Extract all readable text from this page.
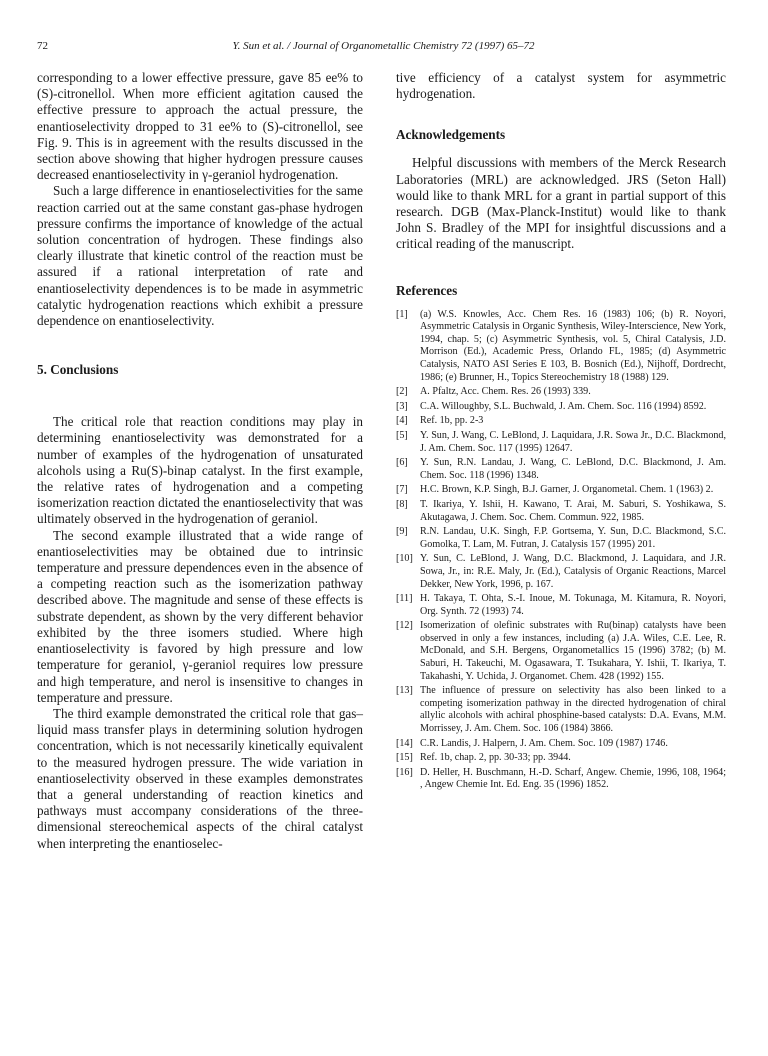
72	Y. Sun et al. / Journal of Organometallic Chemistry 72 (1997) 65–72

corresponding to a lower effective pressure, gave 85 ee% to (S)-citronellol. When more efficient agitation caused the effective pressure to approach the actual pressure, the enantioselectivity dropped to 31 ee% to (S)-citronellol, see Fig. 9. This is in agreement with the results discussed in the section above showing that higher hydrogen pressure causes decreased enantioselectivity in γ-geraniol hydrogenation.

Such a large difference in enantioselectivities for the same reaction carried out at the same constant gas-phase hydrogen pressure confirms the importance of knowledge of the actual solution concentration of hydrogen. These findings also clearly illustrate that kinetic control of the reaction must be assured if a rational interpretation of rate and enantioselectivity dependences is to be made in asymmetric catalytic hydrogenation reactions which exhibit a pressure dependence on enantioselectivity.

5. Conclusions

The critical role that reaction conditions may play in determining enantioselectivity was demonstrated for a number of examples of the hydrogenation of unsaturated alcohols using a Ru(S)-binap catalyst. In the first example, the relative rates of hydrogenation and a competing isomerization reaction dictated the enantioselectivity that was ultimately observed in the hydrogenation of geraniol.

The second example illustrated that a wide range of enantioselectivities may be obtained due to intrinsic temperature and pressure dependences even in the absence of a competing reaction such as the isomerization pathway described above. The magnitude and sense of these effects is substrate dependent, as shown by the very different behavior exhibited by the three isomers studied. Where high enantioselectivity is favored by high pressure and low temperature for geraniol, γ-geraniol requires low pressure and high temperature, and nerol is insensitive to changes in temperature and pressure.

The third example demonstrated the critical role that gas–liquid mass transfer plays in determining solution hydrogen concentration, which is not necessarily kinetically equivalent to the measured hydrogen pressure. The wide variation in enantioselectivity observed in these examples demonstrates that a general understanding of reaction kinetics and pathways must accompany considerations of the three-dimensional stereochemical aspects of the chiral catalyst when interpreting the enantioselec-

tive efficiency of a catalyst system for asymmetric hydrogenation.

Acknowledgements

Helpful discussions with members of the Merck Research Laboratories (MRL) are acknowledged. JRS (Seton Hall) would like to thank MRL for a grant in partial support of this research. DGB (Max-Planck-Institut) would like to thank John S. Bradley of the MPI for insightful discussions and a critical reading of the manuscript.

References
[1] (a) W.S. Knowles, Acc. Chem Res. 16 (1983) 106; (b) R. Noyori, Asymmetric Catalysis in Organic Synthesis, Wiley-Interscience, New York, 1994, chap. 5; (c) Asymmetric Synthesis, vol. 5, Chiral Catalysis, J.D. Morrison (Ed.), Academic Press, Orlando FL, 1985; (d) Asymmetric Catalysis, NATO ASI Series E 103, B. Bosnich (Ed.), Nijhoff, Dordrecht, 1986; (e) Brunner, H., Topics Stereochemistry 18 (1988) 129.
[2] A. Pfaltz, Acc. Chem. Res. 26 (1993) 339.
[3] C.A. Willoughby, S.L. Buchwald, J. Am. Chem. Soc. 116 (1994) 8592.
[4] Ref. 1b, pp. 2-3
[5] Y. Sun, J. Wang, C. LeBlond, J. Laquidara, J.R. Sowa Jr., D.C. Blackmond, J. Am. Chem. Soc. 117 (1995) 12647.
[6] Y. Sun, R.N. Landau, J. Wang, C. LeBlond, D.C. Blackmond, J. Am. Chem. Soc. 118 (1996) 1348.
[7] H.C. Brown, K.P. Singh, B.J. Garner, J. Organometal. Chem. 1 (1963) 2.
[8] T. Ikariya, Y. Ishii, H. Kawano, T. Arai, M. Saburi, S. Yoshikawa, S. Akutagawa, J. Chem. Soc. Chem. Commun. 922, 1985.
[9] R.N. Landau, U.K. Singh, F.P. Gortsema, Y. Sun, D.C. Blackmond, S.C. Gomolka, T. Lam, M. Futran, J. Catalysis 157 (1995) 201.
[10] Y. Sun, C. LeBlond, J. Wang, D.C. Blackmond, J. Laquidara, and J.R. Sowa, Jr., in: R.E. Maly, Jr. (Ed.), Catalysis of Organic Reactions, Marcel Dekker, New York, 1996, p. 167.
[11] H. Takaya, T. Ohta, S.-I. Inoue, M. Tokunaga, M. Kitamura, R. Noyori, Org. Synth. 72 (1993) 74.
[12] Isomerization of olefinic substrates with Ru(binap) catalysts have been observed in only a few instances, including (a) J.A. Wiles, C.E. Lee, R. McDonald, and S.H. Bergens, Organometallics 15 (1996) 3782; (b) M. Saburi, H. Takeuchi, M. Ogasawara, T. Tsukahara, Y. Ishii, T. Ikariya, T. Takahashi, Y. Uchida, J. Organomet. Chem. 428 (1992) 155.
[13] The influence of pressure on selectivity has also been linked to a competing isomerization pathway in the directed hydrogenation of chiral allylic alcohols with achiral phosphine-based catalysts: D.A. Evans, M.M. Morrissey, J. Am. Chem. Soc. 106 (1984) 3866.
[14] C.R. Landis, J. Halpern, J. Am. Chem. Soc. 109 (1987) 1746.
[15] Ref. 1b, chap. 2, pp. 30-33; pp. 3944.
[16] D. Heller, H. Buschmann, H.-D. Scharf, Angew. Chemie, 1996, 108, 1964; , Angew Chemie Int. Ed. Eng. 35 (1996) 1852.
